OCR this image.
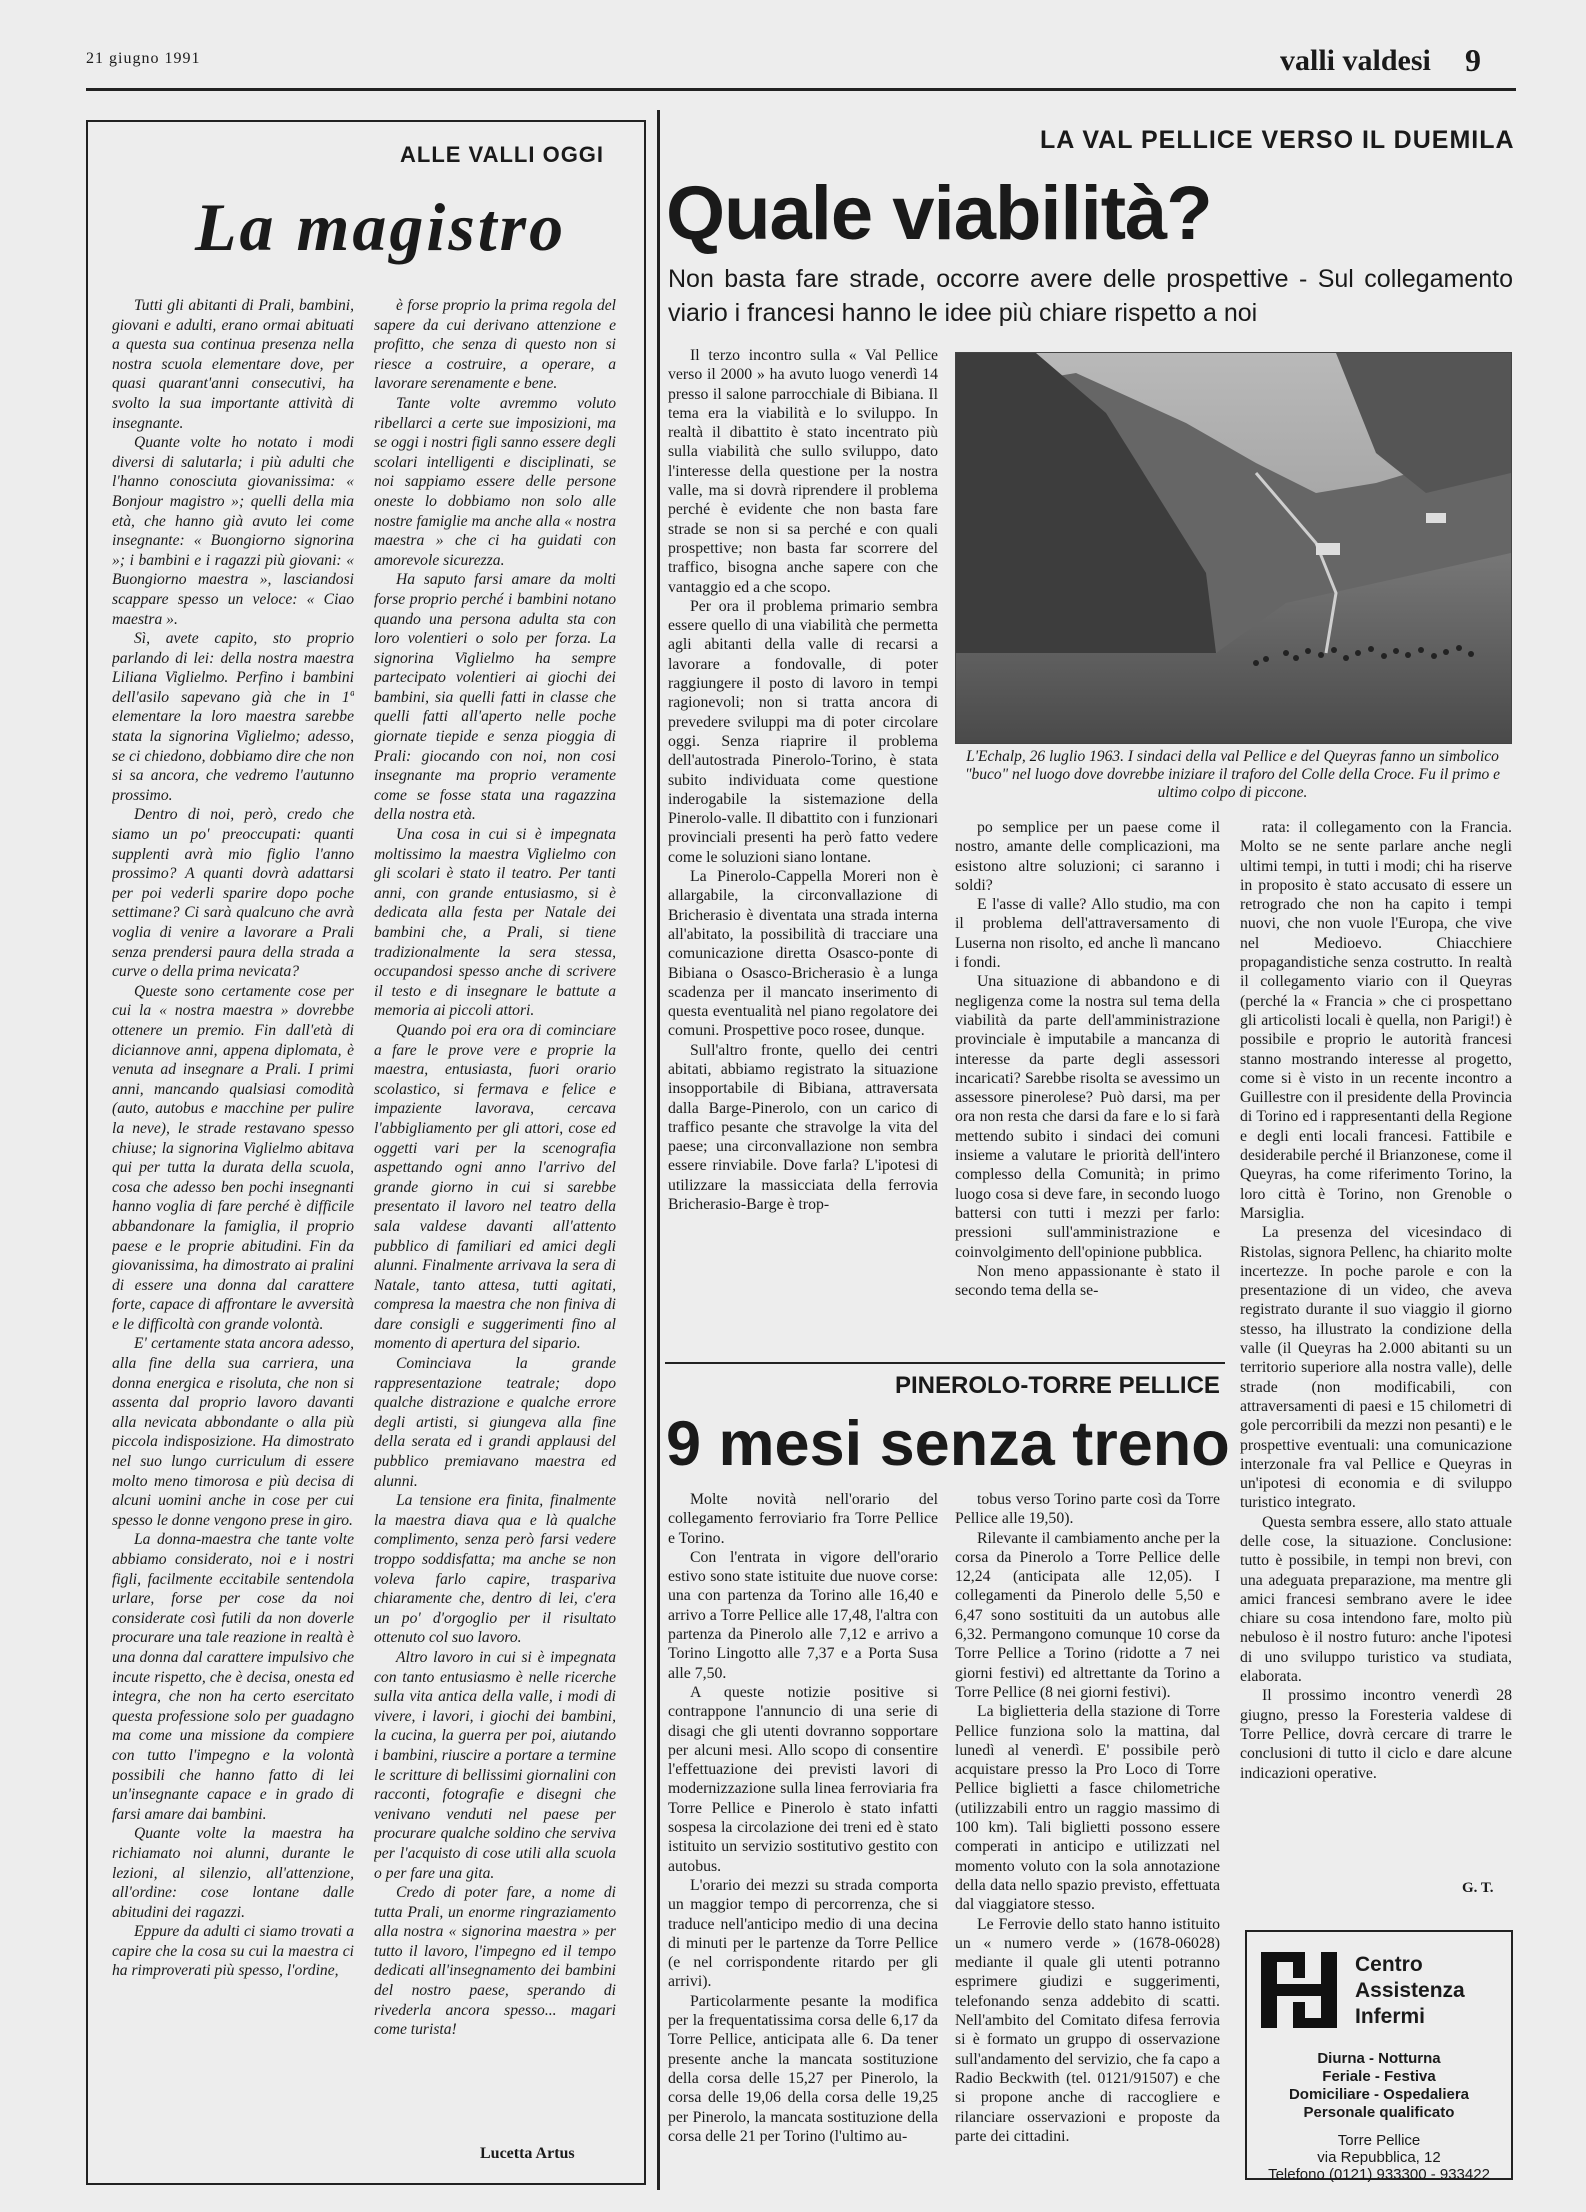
21 giugno 1991	valli valdesi 9
ALLE VALLI OGGI
La magistro

Tutti gli abitanti di Prali, bambini, giovani e adulti, erano ormai abituati a questa sua continua presenza nella nostra scuola elementare dove, per quasi quarant'anni consecutivi, ha svolto la sua importante attività di insegnante.

Quante volte ho notato i modi diversi di salutarla; i più adulti che l'hanno conosciuta giovanissima: « Bonjour magistro »; quelli della mia età, che hanno già avuto lei come insegnante: « Buongiorno signorina »; i bambini e i ragazzi più giovani: « Buongiorno maestra », lasciandosi scappare spesso un veloce: « Ciao maestra ».

Sì, avete capito, sto proprio parlando di lei: della nostra maestra Liliana Viglielmo. Perfino i bambini dell'asilo sapevano già che in 1ª elementare la loro maestra sarebbe stata la signorina Viglielmo; adesso, se ci chiedono, dobbiamo dire che non si sa ancora, che vedremo l'autunno prossimo.

Dentro di noi, però, credo che siamo un po' preoccupati: quanti supplenti avrà mio figlio l'anno prossimo? A quanti dovrà adattarsi per poi vederli sparire dopo poche settimane? Ci sarà qualcuno che avrà voglia di venire a lavorare a Prali senza prendersi paura della strada a curve o della prima nevicata?

Queste sono certamente cose per cui la « nostra maestra » dovrebbe ottenere un premio. Fin dall'età di diciannove anni, appena diplomata, è venuta ad insegnare a Prali. I primi anni, mancando qualsiasi comodità (auto, autobus e macchine per pulire la neve), le strade restavano spesso chiuse; la signorina Viglielmo abitava qui per tutta la durata della scuola, cosa che adesso ben pochi insegnanti hanno voglia di fare perché è difficile abbandonare la famiglia, il proprio paese e le proprie abitudini. Fin da giovanissima, ha dimostrato ai pralini di essere una donna dal carattere forte, capace di affrontare le avversità e le difficoltà con grande volontà.

E' certamente stata ancora adesso, alla fine della sua carriera, una donna energica e risoluta, che non si assenta dal proprio lavoro davanti alla nevicata abbondante o alla più piccola indisposizione. Ha dimostrato nel suo lungo curriculum di essere molto meno timorosa e più decisa di alcuni uomini anche in cose per cui spesso le donne vengono prese in giro.

La donna-maestra che tante volte abbiamo considerato, noi e i nostri figli, facilmente eccitabile sentendola urlare, forse per cose da noi considerate così futili da non doverle procurare una tale reazione in realtà è una donna dal carattere impulsivo che incute rispetto, che è decisa, onesta ed integra, che non ha certo esercitato questa professione solo per guadagno ma come una missione da compiere con tutto l'impegno e la volontà possibili che hanno fatto di lei un'insegnante capace e in grado di farsi amare dai bambini.

Quante volte la maestra ha richiamato noi alunni, durante le lezioni, al silenzio, all'attenzione, all'ordine: cose lontane dalle abitudini dei ragazzi.

Eppure da adulti ci siamo trovati a capire che la cosa su cui la maestra ci ha rimproverati più spesso, l'ordine,

è forse proprio la prima regola del sapere da cui derivano attenzione e profitto, che senza di questo non si riesce a costruire, a operare, a lavorare serenamente e bene.

Tante volte avremmo voluto ribellarci a certe sue imposizioni, ma se oggi i nostri figli sanno essere degli scolari intelligenti e disciplinati, se noi sappiamo essere delle persone oneste lo dobbiamo non solo alle nostre famiglie ma anche alla « nostra maestra » che ci ha guidati con amorevole sicurezza.

Ha saputo farsi amare da molti forse proprio perché i bambini notano quando una persona adulta sta con loro volentieri o solo per forza. La signorina Viglielmo ha sempre partecipato volentieri ai giochi dei bambini, sia quelli fatti in classe che quelli fatti all'aperto nelle poche giornate tiepide e senza pioggia di Prali: giocando con noi, non cosi insegnante ma proprio veramente come se fosse stata una ragazzina della nostra età.

Una cosa in cui si è impegnata moltissimo la maestra Viglielmo con gli scolari è stato il teatro. Per tanti anni, con grande entusiasmo, si è dedicata alla festa per Natale dei bambini che, a Prali, si tiene tradizionalmente la sera stessa, occupandosi spesso anche di scrivere il testo e di insegnare le battute a memoria ai piccoli attori.

Quando poi era ora di cominciare a fare le prove vere e proprie la maestra, entusiasta, fuori orario scolastico, si fermava e felice e impaziente lavorava, cercava l'abbigliamento per gli attori, cose ed oggetti vari per la scenografia aspettando ogni anno l'arrivo del grande giorno in cui si sarebbe presentato il lavoro nel teatro della sala valdese davanti all'attento pubblico di familiari ed amici degli alunni. Finalmente arrivava la sera di Natale, tanto attesa, tutti agitati, compresa la maestra che non finiva di dare consigli e suggerimenti fino al momento di apertura del sipario.

Cominciava la grande rappresentazione teatrale; dopo qualche distrazione e qualche errore degli artisti, si giungeva alla fine della serata ed i grandi applausi del pubblico premiavano maestra ed alunni.

La tensione era finita, finalmente la maestra diava qua e là qualche complimento, senza però farsi vedere troppo soddisfatta; ma anche se non voleva farlo capire, traspariva chiaramente che, dentro di lei, c'era un po' d'orgoglio per il risultato ottenuto col suo lavoro.

Altro lavoro in cui si è impegnata con tanto entusiasmo è nelle ricerche sulla vita antica della valle, i modi di vivere, i lavori, i giochi dei bambini, la cucina, la guerra per poi, aiutando i bambini, riuscire a portare a termine le scritture di bellissimi giornalini con racconti, fotografie e disegni che venivano venduti nel paese per procurare qualche soldino che serviva per l'acquisto di cose utili alla scuola o per fare una gita.

Credo di poter fare, a nome di tutta Prali, un enorme ringraziamento alla nostra « signorina maestra » per tutto il lavoro, l'impegno ed il tempo dedicati all'insegnamento dei bambini del nostro paese, sperando di rivederla ancora spesso... magari come turista!

Lucetta Artus
LA VAL PELLICE VERSO IL DUEMILA
Quale viabilità?
Non basta fare strade, occorre avere delle prospettive - Sul collegamento viario i francesi hanno le idee più chiare rispetto a noi
L'Echalp, 26 luglio 1963. I sindaci della val Pellice e del Queyras fanno un simbolico "buco" nel luogo dove dovrebbe iniziare il traforo del Colle della Croce. Fu il primo e ultimo colpo di piccone.

Il terzo incontro sulla « Val Pellice verso il 2000 » ha avuto luogo venerdì 14 presso il salone parrocchiale di Bibiana. Il tema era la viabilità e lo sviluppo. In realtà il dibattito è stato incentrato più sulla viabilità che sullo sviluppo, dato l'interesse della questione per la nostra valle, ma si dovrà riprendere il problema perché è evidente che non basta fare strade se non si sa perché e con quali prospettive; non basta far scorrere del traffico, bisogna anche sapere con che vantaggio ed a che scopo.

Per ora il problema primario sembra essere quello di una viabilità che permetta agli abitanti della valle di recarsi a lavorare a fondovalle, di poter raggiungere il posto di lavoro in tempi ragionevoli; non si tratta ancora di prevedere sviluppi ma di poter circolare oggi. Senza riaprire il problema dell'autostrada Pinerolo-Torino, è stata subito individuata come questione inderogabile la sistemazione della Pinerolo-valle. Il dibattito con i funzionari provinciali presenti ha però fatto vedere come le soluzioni siano lontane.

La Pinerolo-Cappella Moreri non è allargabile, la circonvallazione di Bricherasio è diventata una strada interna all'abitato, la possibilità di tracciare una comunicazione diretta Osasco-ponte di Bibiana o Osasco-Bricherasio è a lunga scadenza per il mancato inserimento di questa eventualità nel piano regolatore dei comuni. Prospettive poco rosee, dunque.

Sull'altro fronte, quello dei centri abitati, abbiamo registrato la situazione insopportabile di Bibiana, attraversata dalla Barge-Pinerolo, con un carico di traffico pesante che stravolge la vita del paese; una circonvallazione non sembra essere rinviabile. Dove farla? L'ipotesi di utilizzare la massicciata della ferrovia Bricherasio-Barge è trop-

po semplice per un paese come il nostro, amante delle complicazioni, ma esistono altre soluzioni; ci saranno i soldi?

E l'asse di valle? Allo studio, ma con il problema dell'attraversamento di Luserna non risolto, ed anche lì mancano i fondi.

Una situazione di abbandono e di negligenza come la nostra sul tema della viabilità da parte dell'amministrazione provinciale è imputabile a mancanza di interesse da parte degli assessori incaricati? Sarebbe risolta se avessimo un assessore pinerolese? Può darsi, ma per ora non resta che darsi da fare e lo si farà mettendo subito i sindaci dei comuni insieme a valutare le priorità dell'intero complesso della Comunità; in primo luogo cosa si deve fare, in secondo luogo battersi con tutti i mezzi per farlo: pressioni sull'amministrazione e coinvolgimento dell'opinione pubblica.

Non meno appassionante è stato il secondo tema della se-

rata: il collegamento con la Francia. Molto se ne sente parlare anche negli ultimi tempi, in tutti i modi; chi ha riserve in proposito è stato accusato di essere un retrogrado che non ha capito i tempi nuovi, che non vuole l'Europa, che vive nel Medioevo. Chiacchiere propagandistiche senza costrutto. In realtà il collegamento viario con il Queyras (perché la « Francia » che ci prospettano gli articolisti locali è quella, non Parigi!) è possibile e proprio le autorità francesi stanno mostrando interesse al progetto, come si è visto in un recente incontro a Guillestre con il presidente della Provincia di Torino ed i rappresentanti della Regione e degli enti locali francesi. Fattibile e desiderabile perché il Brianzonese, come il Queyras, ha come riferimento Torino, la loro città è Torino, non Grenoble o Marsiglia.

La presenza del vicesindaco di Ristolas, signora Pellenc, ha chiarito molte incertezze. In poche parole e con la presentazione di un video, che aveva registrato durante il suo viaggio il giorno stesso, ha illustrato la condizione della valle (il Queyras ha 2.000 abitanti su un territorio superiore alla nostra valle), delle strade (non modificabili, con attraversamenti di paesi e 15 chilometri di gole percorribili da mezzi non pesanti) e le prospettive eventuali: una comunicazione interzonale fra val Pellice e Queyras in un'ipotesi di economia e di sviluppo turistico integrato.

Questa sembra essere, allo stato attuale delle cose, la situazione. Conclusione: tutto è possibile, in tempi non brevi, con una adeguata preparazione, ma mentre gli amici francesi sembrano avere le idee chiare su cosa intendono fare, molto più nebuloso è il nostro futuro: anche l'ipotesi di uno sviluppo turistico va studiata, elaborata.

Il prossimo incontro venerdì 28 giugno, presso la Foresteria valdese di Torre Pellice, dovrà cercare di trarre le conclusioni di tutto il ciclo e dare alcune indicazioni operative.

G. T.
PINEROLO-TORRE PELLICE
9 mesi senza treno

Molte novità nell'orario del collegamento ferroviario fra Torre Pellice e Torino.

Con l'entrata in vigore dell'orario estivo sono state istituite due nuove corse: una con partenza da Torino alle 16,40 e arrivo a Torre Pellice alle 17,48, l'altra con partenza da Pinerolo alle 7,12 e arrivo a Torino Lingotto alle 7,37 e a Porta Susa alle 7,50.

A queste notizie positive si contrappone l'annuncio di una serie di disagi che gli utenti dovranno sopportare per alcuni mesi. Allo scopo di consentire l'effettuazione dei previsti lavori di modernizzazione sulla linea ferroviaria fra Torre Pellice e Pinerolo è stato infatti sospesa la circolazione dei treni ed è stato istituito un servizio sostitutivo gestito con autobus.

L'orario dei mezzi su strada comporta un maggior tempo di percorrenza, che si traduce nell'anticipo medio di una decina di minuti per le partenze da Torre Pellice (e nel corrispondente ritardo per gli arrivi).

Particolarmente pesante la modifica per la frequentatissima corsa delle 6,17 da Torre Pellice, anticipata alle 6. Da tener presente anche la mancata sostituzione della corsa delle 15,27 per Pinerolo, la corsa delle 19,06 della corsa delle 19,25 per Pinerolo, la mancata sostituzione della corsa delle 21 per Torino (l'ultimo au-

tobus verso Torino parte così da Torre Pellice alle 19,50).

Rilevante il cambiamento anche per la corsa da Pinerolo a Torre Pellice delle 12,24 (anticipata alle 12,05). I collegamenti da Pinerolo delle 5,50 e 6,47 sono sostituiti da un autobus alle 6,32. Permangono comunque 10 corse da Torre Pellice a Torino (ridotte a 7 nei giorni festivi) ed altrettante da Torino a Torre Pellice (8 nei giorni festivi).

La biglietteria della stazione di Torre Pellice funziona solo la mattina, dal lunedì al venerdì. E' possibile però acquistare presso la Pro Loco di Torre Pellice biglietti a fasce chilometriche (utilizzabili entro un raggio massimo di 100 km). Tali biglietti possono essere comperati in anticipo e utilizzati nel momento voluto con la sola annotazione della data nello spazio previsto, effettuata dal viaggiatore stesso.

Le Ferrovie dello stato hanno istituito un « numero verde » (1678-06028) mediante il quale gli utenti potranno esprimere giudizi e suggerimenti, telefonando senza addebito di scatti. Nell'ambito del Comitato difesa ferrovia si è formato un gruppo di osservazione sull'andamento del servizio, che fa capo a Radio Beckwith (tel. 0121/91507) e che si propone anche di raccogliere e rilanciare osservazioni e proposte da parte dei cittadini.

Centro
Assistenza
Infermi
Diurna - Notturna
Feriale - Festiva
Domiciliare - Ospedaliera
Personale qualificato
Torre Pellice
via Repubblica, 12
Telefono (0121) 933300 - 933422
